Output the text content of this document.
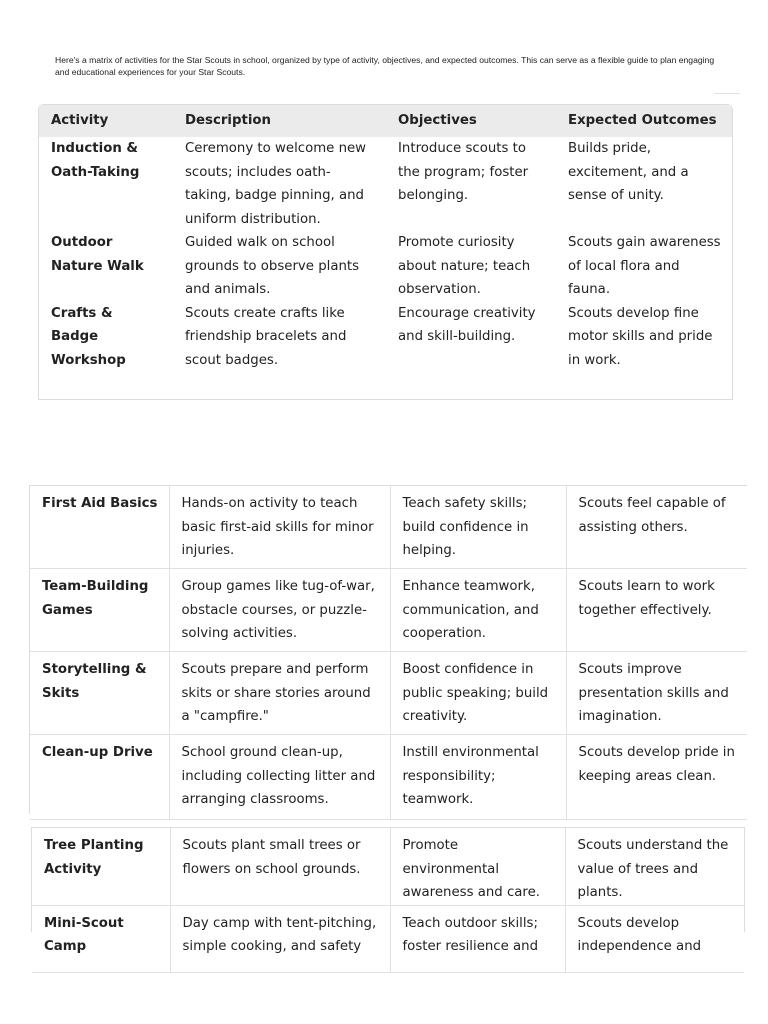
Here's a matrix of activities for the Star Scouts in school, organized by type of activity, objectives, and expected outcomes. This can serve as a flexible guide to plan engaging and educational experiences for your Star Scouts.

Activity	Description	Objectives	Expected Outcomes
Induction & Oath-Taking	Ceremony to welcome new scouts; includes oath-taking, badge pinning, and uniform distribution.	Introduce scouts to the program; foster belonging.	Builds pride, excitement, and a sense of unity.
Outdoor Nature Walk	Guided walk on school grounds to observe plants and animals.	Promote curiosity about nature; teach observation.	Scouts gain awareness of local flora and fauna.
Crafts & Badge Workshop	Scouts create crafts like friendship bracelets and scout badges.	Encourage creativity and skill-building.	Scouts develop fine motor skills and pride in work.
First Aid Basics	Hands-on activity to teach basic first-aid skills for minor injuries.	Teach safety skills; build confidence in helping.	Scouts feel capable of assisting others.
Team-Building Games	Group games like tug-of-war, obstacle courses, or puzzle-solving activities.	Enhance teamwork, communication, and cooperation.	Scouts learn to work together effectively.
Storytelling & Skits	Scouts prepare and perform skits or share stories around a "campfire."	Boost confidence in public speaking; build creativity.	Scouts improve presentation skills and imagination.
Clean-up Drive	School ground clean-up, including collecting litter and arranging classrooms.	Instill environmental responsibility; teamwork.	Scouts develop pride in keeping areas clean.
Tree Planting Activity	Scouts plant small trees or flowers on school grounds.	Promote environmental awareness and care.	Scouts understand the value of trees and plants.
Mini-Scout Camp	Day camp with tent-pitching, simple cooking, and safety	Teach outdoor skills; foster resilience and	Scouts develop independence and
